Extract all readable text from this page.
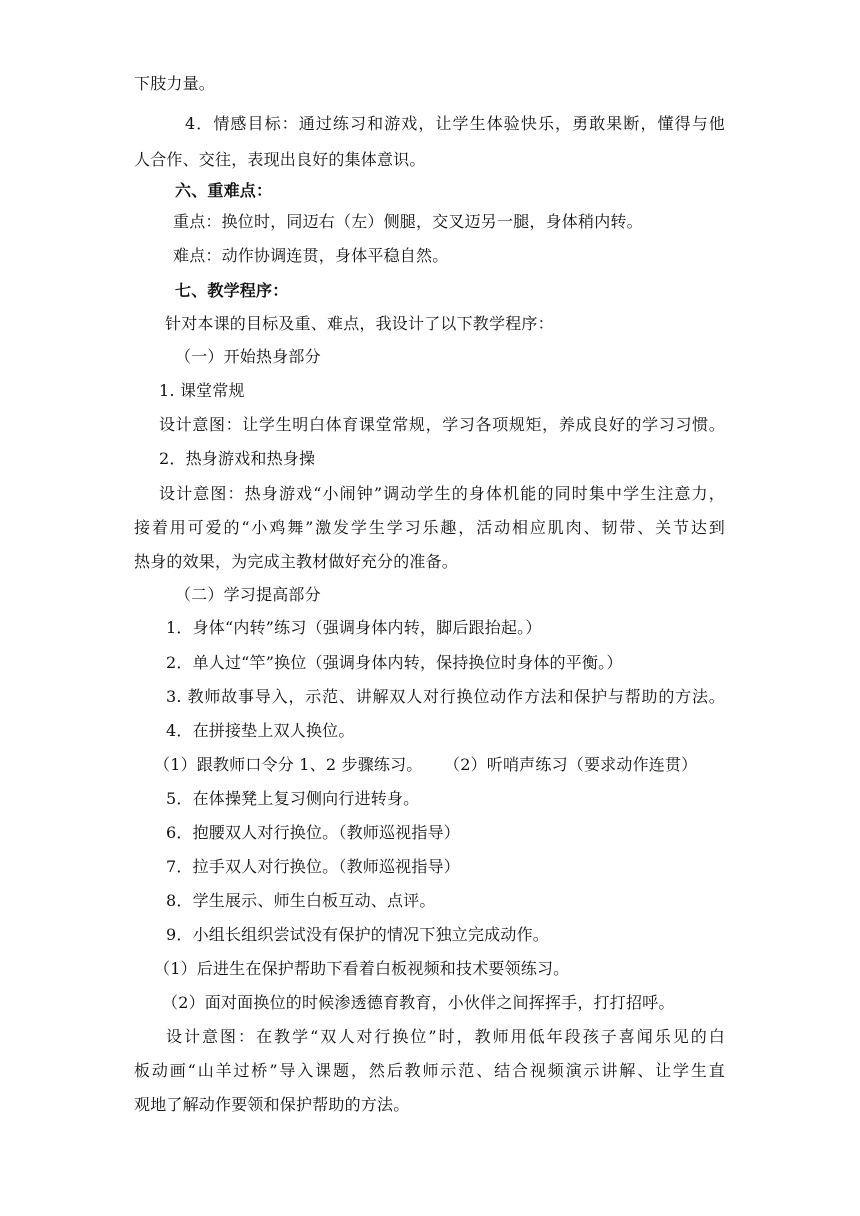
下肢力量。
4．情感目标：通过练习和游戏，让学生体验快乐，勇敢果断，懂得与他
人合作、交往，表现出良好的集体意识。
六、重难点：
重点：换位时，同迈右（左）侧腿，交叉迈另一腿，身体稍内转。
难点：动作协调连贯，身体平稳自然。
七、教学程序：
针对本课的目标及重、难点，我设计了以下教学程序：
（一）开始热身部分
1. 课堂常规
设计意图：让学生明白体育课堂常规，学习各项规矩，养成良好的学习习惯。
2．热身游戏和热身操
设计意图：热身游戏“小闹钟”调动学生的身体机能的同时集中学生注意力，
接着用可爱的“小鸡舞”激发学生学习乐趣，活动相应肌肉、韧带、关节达到
热身的效果，为完成主教材做好充分的准备。
（二）学习提高部分
1．身体“内转”练习（强调身体内转，脚后跟抬起。）
2．单人过“竿”换位（强调身体内转，保持换位时身体的平衡。）
3. 教师故事导入，示范、讲解双人对行换位动作方法和保护与帮助的方法。
4．在拼接垫上双人换位。
（1）跟教师口令分 1、2 步骤练习。 （2）听哨声练习（要求动作连贯）
5．在体操凳上复习侧向行进转身。
6．抱腰双人对行换位。（教师巡视指导）
7．拉手双人对行换位。（教师巡视指导）
8．学生展示、师生白板互动、点评。
9．小组长组织尝试没有保护的情况下独立完成动作。
（1）后进生在保护帮助下看着白板视频和技术要领练习。
（2）面对面换位的时候渗透德育教育，小伙伴之间挥挥手，打打招呼。
设计意图：在教学“双人对行换位”时，教师用低年段孩子喜闻乐见的白
板动画“山羊过桥”导入课题，然后教师示范、结合视频演示讲解、让学生直
观地了解动作要领和保护帮助的方法。
